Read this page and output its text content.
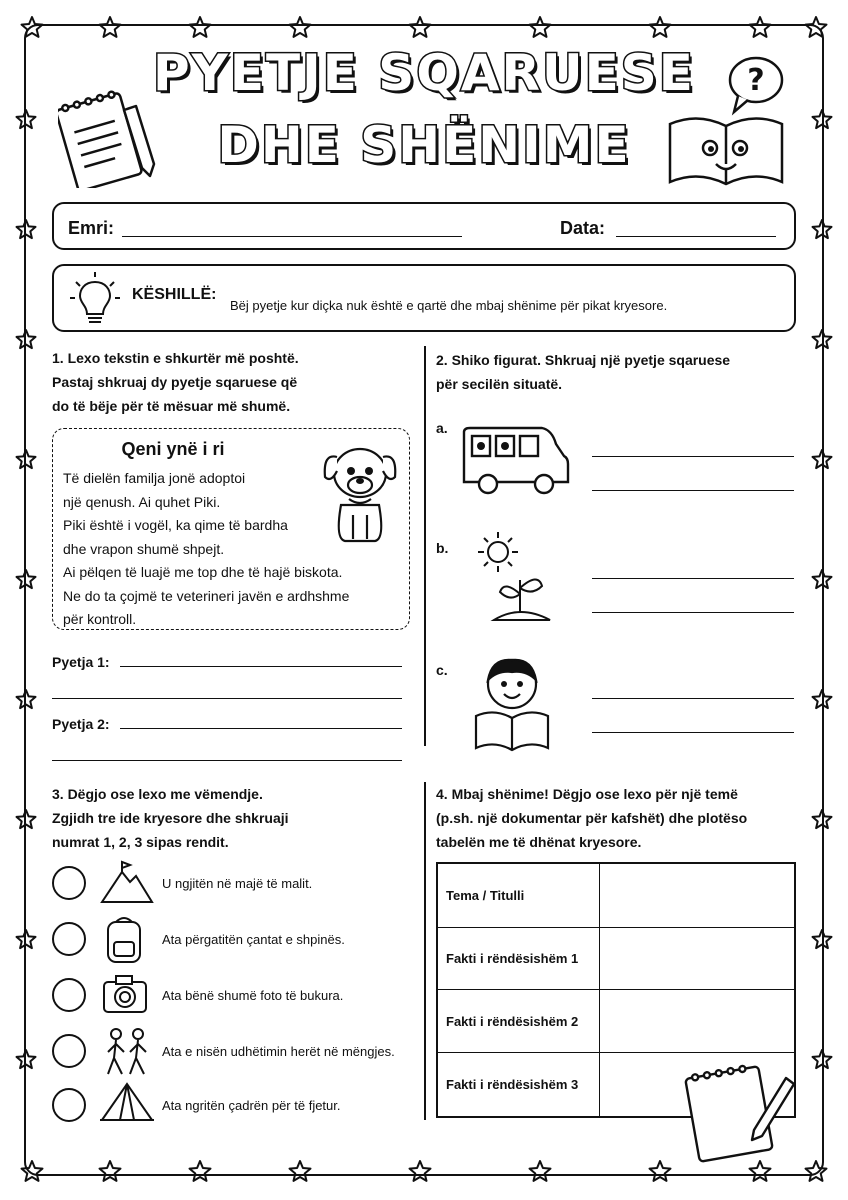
?
PYETJE SQARUESE
DHE SHËNIME
Emri:	Data:
KËSHILLË:
Bëj pyetje kur diçka nuk është e qartë dhe mbaj shënime për pikat kryesore.
1. Lexo tekstin e shkurtër më poshtë.
Pastaj shkruaj dy pyetje sqaruese që
do të bëje për të mësuar më shumë.
Qeni ynë i ri
Të dielën familja jonë adoptoi
një qenush. Ai quhet Piki.
Piki është i vogël, ka qime të bardha
dhe vrapon shumë shpejt.
Ai pëlqen të luajë me top dhe të hajë biskota.
Ne do ta çojmë te veterineri javën e ardhshme
për kontroll.
Pyetja 1:
Pyetja 2:
2. Shiko figurat. Shkruaj një pyetje sqaruese
për secilën situatë.
a.
b.
c.
3. Dëgjo ose lexo me vëmendje.
Zgjidh tre ide kryesore dhe shkruaji
numrat 1, 2, 3 sipas rendit.
U ngjitën në majë të malit.
Ata përgatitën çantat e shpinës.
Ata bënë shumë foto të bukura.
Ata e nisën udhëtimin herët në mëngjes.
Ata ngritën çadrën për të fjetur.
4. Mbaj shënime! Dëgjo ose lexo për një temë
(p.sh. një dokumentar për kafshët) dhe plotëso
tabelën me të dhënat kryesore.
Tema / Titulli	
Fakti i rëndësishëm 1	
Fakti i rëndësishëm 2	
Fakti i rëndësishëm 3	
